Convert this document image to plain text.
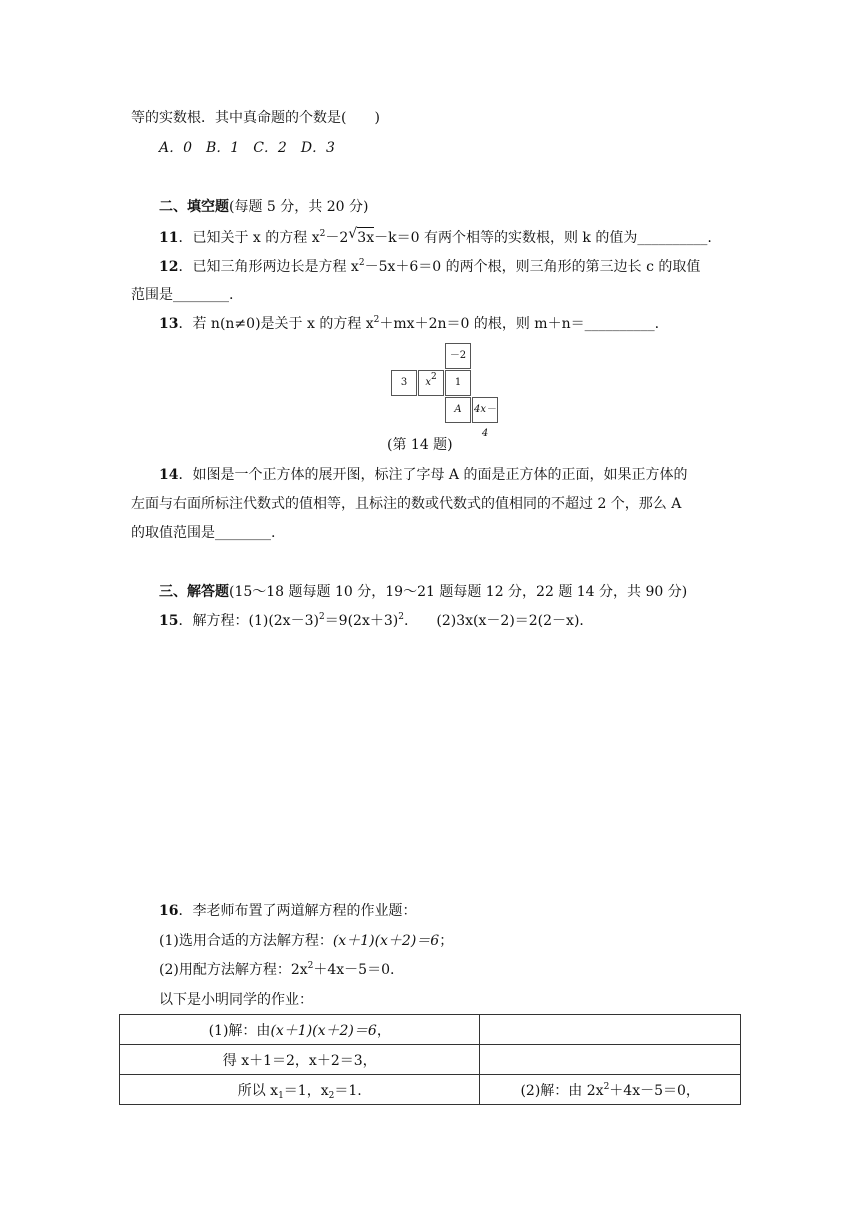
等的实数根．其中真命题的个数是(　　)
A．0　B．1　C．2　D．3
二、填空题(每题 5 分，共 20 分)
11．已知关于 x 的方程 $x^2-2$ √ 3x－k＝0 有两个相等的实数根，则 k 的值为__________.
12．已知三角形两边长是方程 $x^2-5x+6=0$ 的两个根，则三角形的第三边长 c 的取值
范围是________.
13．若 n(n≠0)是关于 x 的方程 $x^2+mx+2n=0$ 的根，则 m＋n＝__________.
－2
3	$x^2$	1
A	4x－4
(第 14 题)
14．如图是一个正方体的展开图，标注了字母 A 的面是正方体的正面，如果正方体的
左面与右面所标注代数式的值相等，且标注的数或代数式的值相同的不超过 2 个，那么 A
的取值范围是________.
三、解答题(15～18 题每题 10 分，19～21 题每题 12 分，22 题 14 分，共 90 分)
15．解方程：$(1)(2x-3)^2=9(2x+3)^2$.　　(2)3x(x－2)＝2(2－x)．
16．李老师布置了两道解方程的作业题：
(1)选用合适的方法解方程：(x＋1)(x＋2)＝6；
(2)用配方法解方程：$2x^2+4x-5=0$.
以下是小明同学的作业：
(1)解：由(x＋1)(x＋2)＝6，	
得 x＋1＝2，x＋2＝3，	
所以 $x_1=1$，$x_2=1$.	(2)解：由 $2x^2+4x-5=0$，
